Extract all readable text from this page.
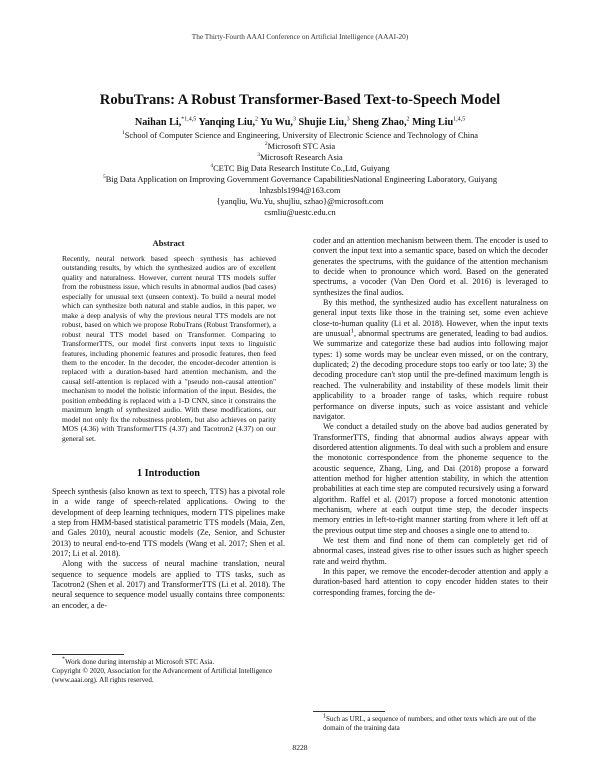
The Thirty-Fourth AAAI Conference on Artificial Intelligence (AAAI-20)
RobuTrans: A Robust Transformer-Based Text-to-Speech Model
Naihan Li,$^{*1,4,5}$ Yanqing Liu,$^2$ Yu Wu,$^3$ Shujie Liu,$^3$ Sheng Zhao,$^2$ Ming Liu$^{1,4,5}$
$^1$School of Computer Science and Engineering, University of Electronic Science and Technology of China
$^2$Microsoft STC Asia
$^3$Microsoft Research Asia
$^4$CETC Big Data Research Institute Co.,Ltd, Guiyang
$^5$Big Data Application on Improving Government Governance CapabilitiesNational Engineering Laboratory, Guiyang
lnhzsbls1994@163.com
{yanqliu, Wu.Yu, shujliu, szhao}@microsoft.com
csmliu@uestc.edu.cn
Abstract
Recently, neural network based speech synthesis has achieved outstanding results, by which the synthesized audios are of excellent quality and naturalness. However, current neural TTS models suffer from the robustness issue, which results in abnormal audios (bad cases) especially for unusual text (unseen context). To build a neural model which can synthesize both natural and stable audios, in this paper, we make a deep analysis of why the previous neural TTS models are not robust, based on which we propose RobuTrans (Robust Transformer), a robust neural TTS model based on Transformer. Comparing to TransformerTTS, our model first converts input texts to linguistic features, including phonemic features and prosodic features, then feed them to the encoder. In the decoder, the encoder-decoder attention is replaced with a duration-based hard attention mechanism, and the causal self-attention is replaced with a "pseudo non-causal attention" mechanism to model the holistic information of the input. Besides, the position embedding is replaced with a 1-D CNN, since it constrains the maximum length of synthesized audio. With these modifications, our model not only fix the robustness problem, but also achieves on parity MOS (4.36) with TransformerTTS (4.37) and Tacotron2 (4.37) on our general set.
1 Introduction

Speech synthesis (also known as text to speech, TTS) has a pivotal role in a wide range of speech-related applications. Owing to the development of deep learning techniques, modern TTS pipelines make a step from HMM-based statistical parametric TTS models (Maia, Zen, and Gales 2010), neural acoustic models (Ze, Senior, and Schuster 2013) to neural end-to-end TTS models (Wang et al. 2017; Shen et al. 2017; Li et al. 2018).

Along with the success of neural machine translation, neural sequence to sequence models are applied to TTS tasks, such as Tacotron2 (Shen et al. 2017) and TransformerTTS (Li et al. 2018). The neural sequence to sequence model usually contains three components: an encoder, a de-

*Work done during internship at Microsoft STC Asia.
Copyright © 2020, Association for the Advancement of Artificial Intelligence (www.aaai.org). All rights reserved.

coder and an attention mechanism between them. The encoder is used to convert the input text into a semantic space, based on which the decoder generates the spectrums, with the guidance of the attention mechanism to decide when to pronounce which word. Based on the generated spectrums, a vocoder (Van Den Oord et al. 2016) is leveraged to synthesizes the final audios.

By this method, the synthesized audio has excellent naturalness on general input texts like those in the training set, some even achieve close-to-human quality (Li et al. 2018). However, when the input texts are unusual$^1$, abnormal spectrums are generated, leading to bad audios. We summarize and categorize these bad audios into following major types: 1) some words may be unclear even missed, or on the contrary, duplicated; 2) the decoding procedure stops too early or too late; 3) the decoding procedure can't stop until the pre-defined maximum length is reached. The vulnerability and instability of these models limit their applicability to a broader range of tasks, which require robust performance on diverse inputs, such as voice assistant and vehicle navigator.

We conduct a detailed study on the above bad audios generated by TransformerTTS, finding that abnormal audios always appear with disordered attention alignments. To deal with such a problem and ensure the monotonic correspondence from the phoneme sequence to the acoustic sequence, Zhang, Ling, and Dai (2018) propose a forward attention method for higher attention stability, in which the attention probabilities at each time step are computed recursively using a forward algorithm. Raffel et al. (2017) propose a forced monotonic attention mechanism, where at each output time step, the decoder inspects memory entries in left-to-right manner starting from where it left off at the previous output time step and chooses a single one to attend to.

We test them and find none of them can completely get rid of abnormal cases, instead gives rise to other issues such as higher speech rate and weird rhythm.

In this paper, we remove the encoder-decoder attention and apply a duration-based hard attention to copy encoder hidden states to their corresponding frames, forcing the de-

$^1$Such as URL, a sequence of numbers, and other texts which are out of the domain of the training data
8228
